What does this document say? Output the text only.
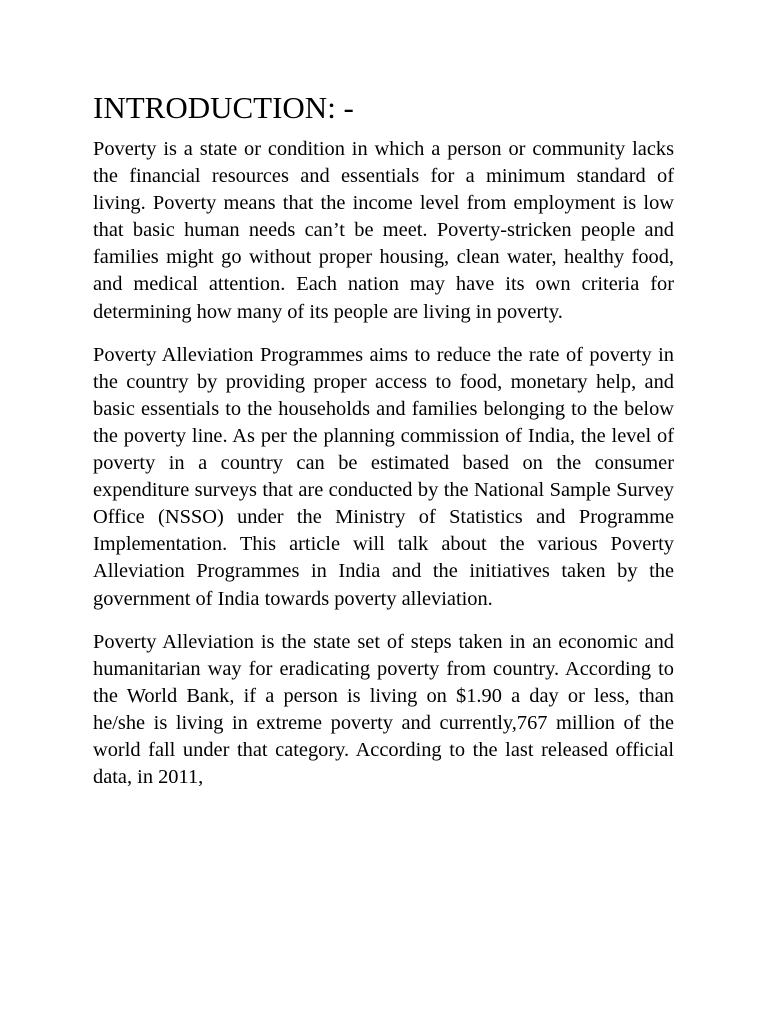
INTRODUCTION: -

Poverty is a state or condition in which a person or community lacks the financial resources and essentials for a minimum standard of living. Poverty means that the income level from employment is low that basic human needs can’t be meet. Poverty-stricken people and families might go without proper housing, clean water, healthy food, and medical attention. Each nation may have its own criteria for determining how many of its people are living in poverty.

Poverty Alleviation Programmes aims to reduce the rate of poverty in the country by providing proper access to food, monetary help, and basic essentials to the households and families belonging to the below the poverty line. As per the planning commission of India, the level of poverty in a country can be estimated based on the consumer expenditure surveys that are conducted by the National Sample Survey Office (NSSO) under the Ministry of Statistics and Programme Implementation. This article will talk about the various Poverty Alleviation Programmes in India and the initiatives taken by the government of India towards poverty alleviation.

Poverty Alleviation is the state set of steps taken in an economic and humanitarian way for eradicating poverty from country. According to the World Bank, if a person is living on $1.90 a day or less, than he/she is living in extreme poverty and currently,767 million of the world fall under that category. According to the last released official data, in 2011,
